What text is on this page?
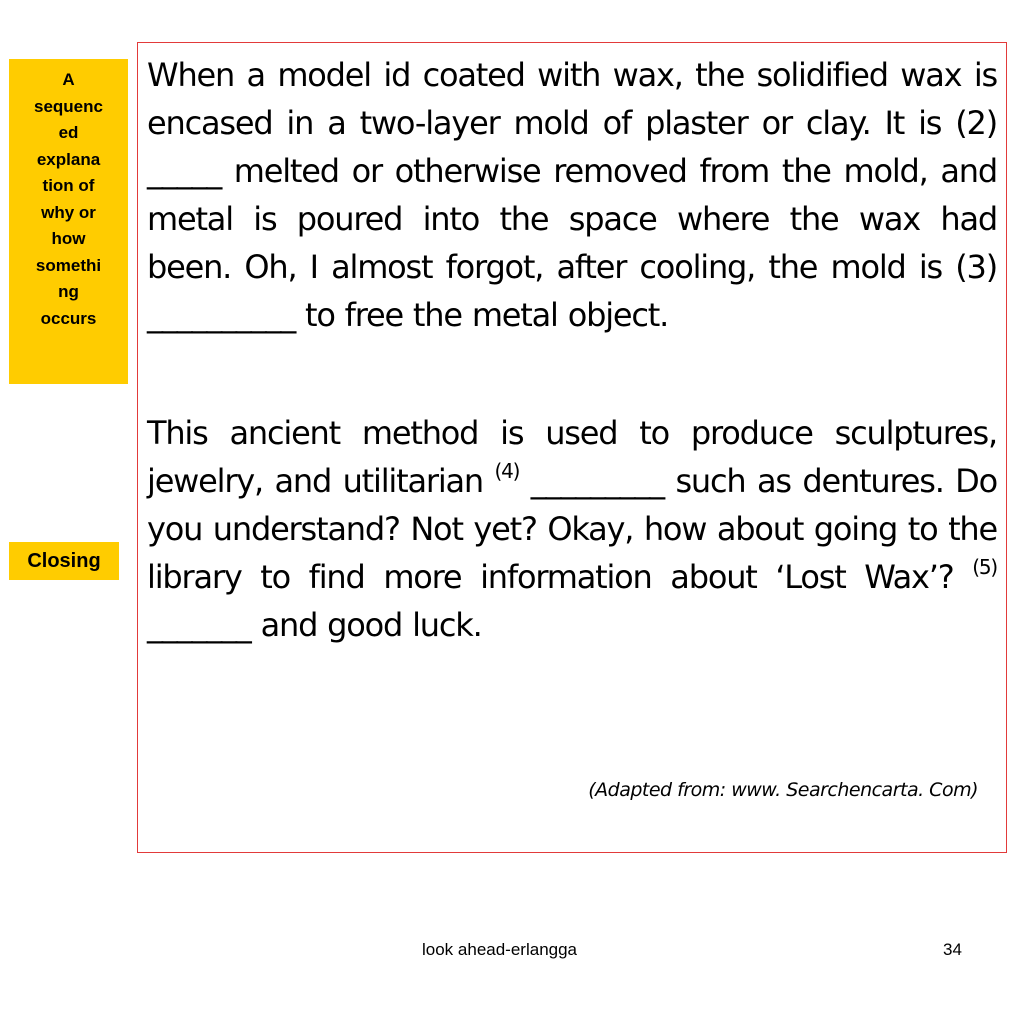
A
sequenc
ed
explana
tion of
why or
how
somethi
ng
occurs
Closing

When a model id coated with wax, the solidified wax is encased in a two-layer mold of plaster or clay. It is (2) _____ melted or otherwise removed from the mold, and metal is poured into the space where the wax had been. Oh, I almost forgot, after cooling, the mold is (3) __________ to free the metal object.

This ancient method is used to produce sculptures, jewelry, and utilitarian $^{(4)}$ _________ such as dentures. Do you understand? Not yet? Okay, how about going to the library to find more information about ‘Lost Wax’? $^{(5)}$ _______ and good luck.

(Adapted from: www. Searchencarta. Com)
look ahead-erlangga	34
